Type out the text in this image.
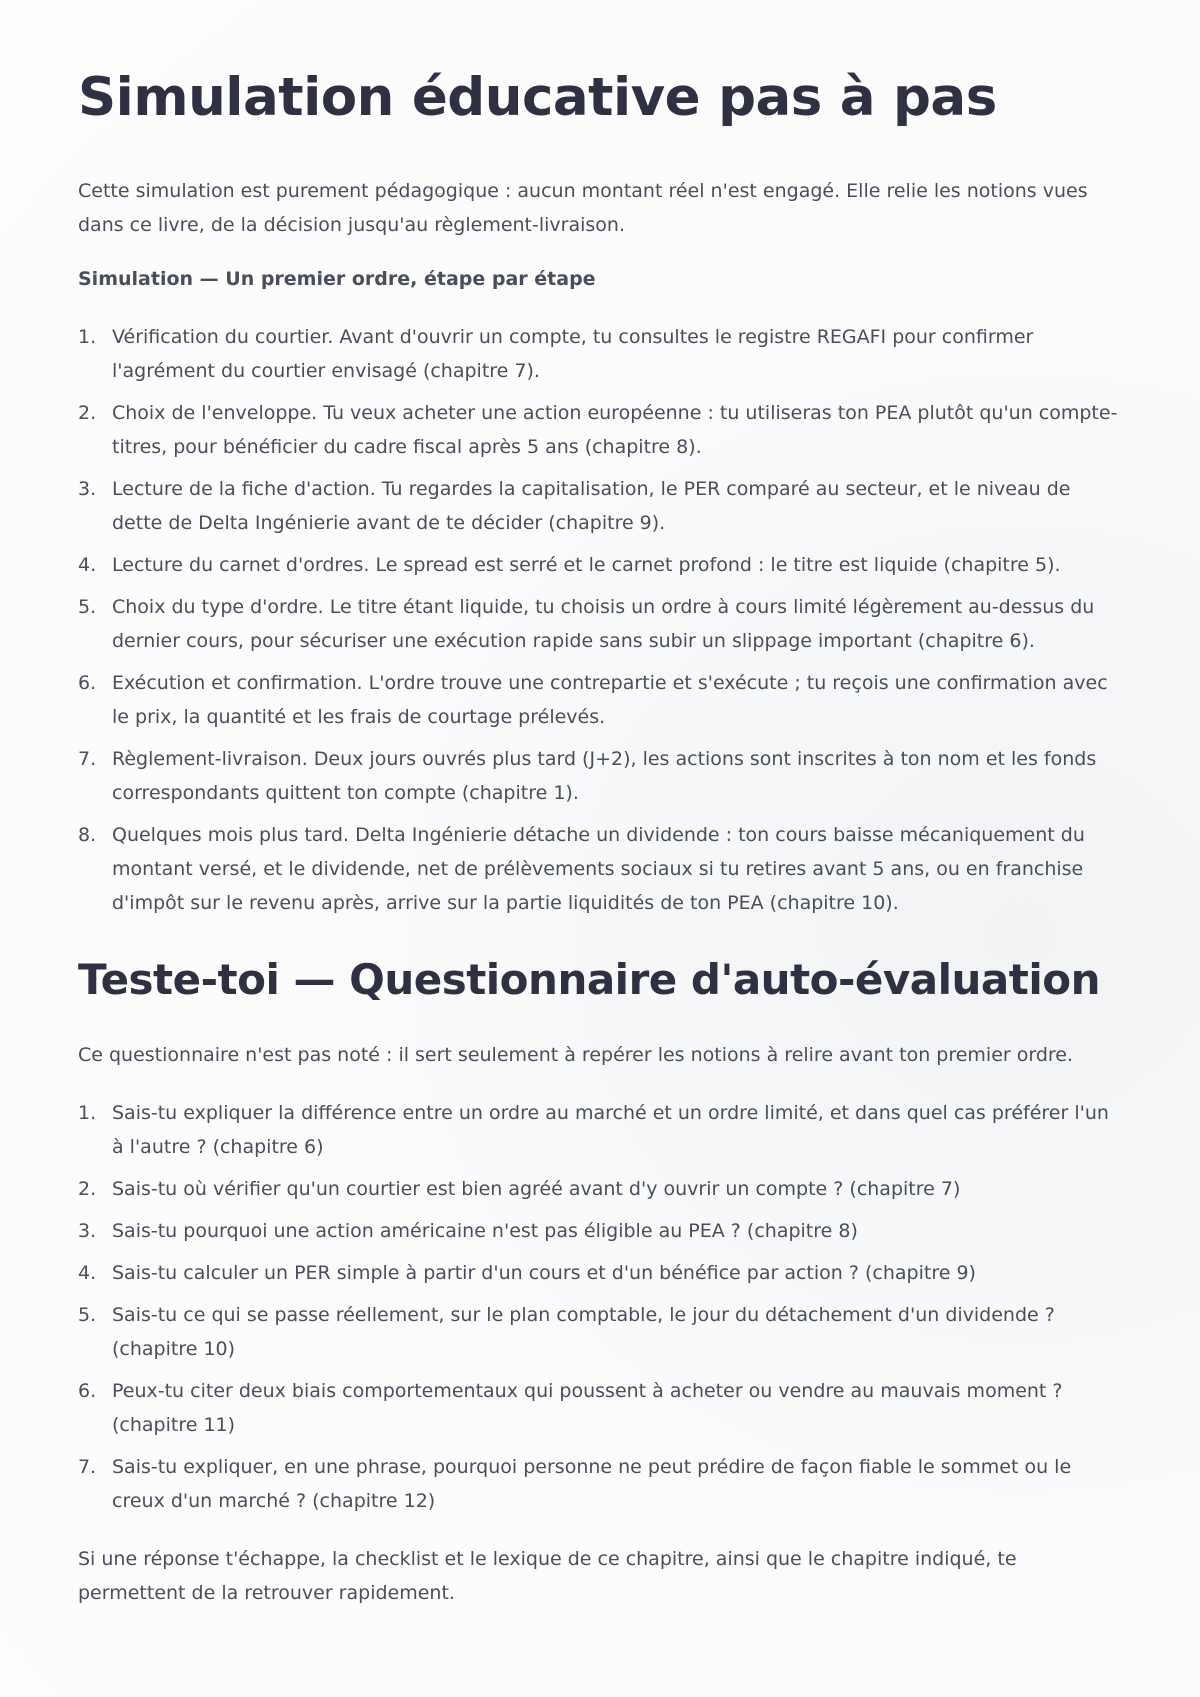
Simulation éducative pas à pas

Cette simulation est purement pédagogique : aucun montant réel n'est engagé. Elle relie les notions vues dans ce livre, de la décision jusqu'au règlement-livraison.

Simulation — Un premier ordre, étape par étape

1. Vérification du courtier. Avant d'ouvrir un compte, tu consultes le registre REGAFI pour confirmer l'agrément du courtier envisagé (chapitre 7).
2. Choix de l'enveloppe. Tu veux acheter une action européenne : tu utiliseras ton PEA plutôt qu'un compte-titres, pour bénéficier du cadre fiscal après 5 ans (chapitre 8).
3. Lecture de la fiche d'action. Tu regardes la capitalisation, le PER comparé au secteur, et le niveau de dette de Delta Ingénierie avant de te décider (chapitre 9).
4. Lecture du carnet d'ordres. Le spread est serré et le carnet profond : le titre est liquide (chapitre 5).
5. Choix du type d'ordre. Le titre étant liquide, tu choisis un ordre à cours limité légèrement au-dessus du dernier cours, pour sécuriser une exécution rapide sans subir un slippage important (chapitre 6).
6. Exécution et confirmation. L'ordre trouve une contrepartie et s'exécute ; tu reçois une confirmation avec le prix, la quantité et les frais de courtage prélevés.
7. Règlement-livraison. Deux jours ouvrés plus tard (J+2), les actions sont inscrites à ton nom et les fonds correspondants quittent ton compte (chapitre 1).
8. Quelques mois plus tard. Delta Ingénierie détache un dividende : ton cours baisse mécaniquement du montant versé, et le dividende, net de prélèvements sociaux si tu retires avant 5 ans, ou en franchise d'impôt sur le revenu après, arrive sur la partie liquidités de ton PEA (chapitre 10).
Teste-toi — Questionnaire d'auto-évaluation

Ce questionnaire n'est pas noté : il sert seulement à repérer les notions à relire avant ton premier ordre.

1. Sais-tu expliquer la différence entre un ordre au marché et un ordre limité, et dans quel cas préférer l'un à l'autre ? (chapitre 6)
2. Sais-tu où vérifier qu'un courtier est bien agréé avant d'y ouvrir un compte ? (chapitre 7)
3. Sais-tu pourquoi une action américaine n'est pas éligible au PEA ? (chapitre 8)
4. Sais-tu calculer un PER simple à partir d'un cours et d'un bénéfice par action ? (chapitre 9)
5. Sais-tu ce qui se passe réellement, sur le plan comptable, le jour du détachement d'un dividende ? (chapitre 10)
6. Peux-tu citer deux biais comportementaux qui poussent à acheter ou vendre au mauvais moment ? (chapitre 11)
7. Sais-tu expliquer, en une phrase, pourquoi personne ne peut prédire de façon fiable le sommet ou le creux d'un marché ? (chapitre 12)

Si une réponse t'échappe, la checklist et le lexique de ce chapitre, ainsi que le chapitre indiqué, te permettent de la retrouver rapidement.
